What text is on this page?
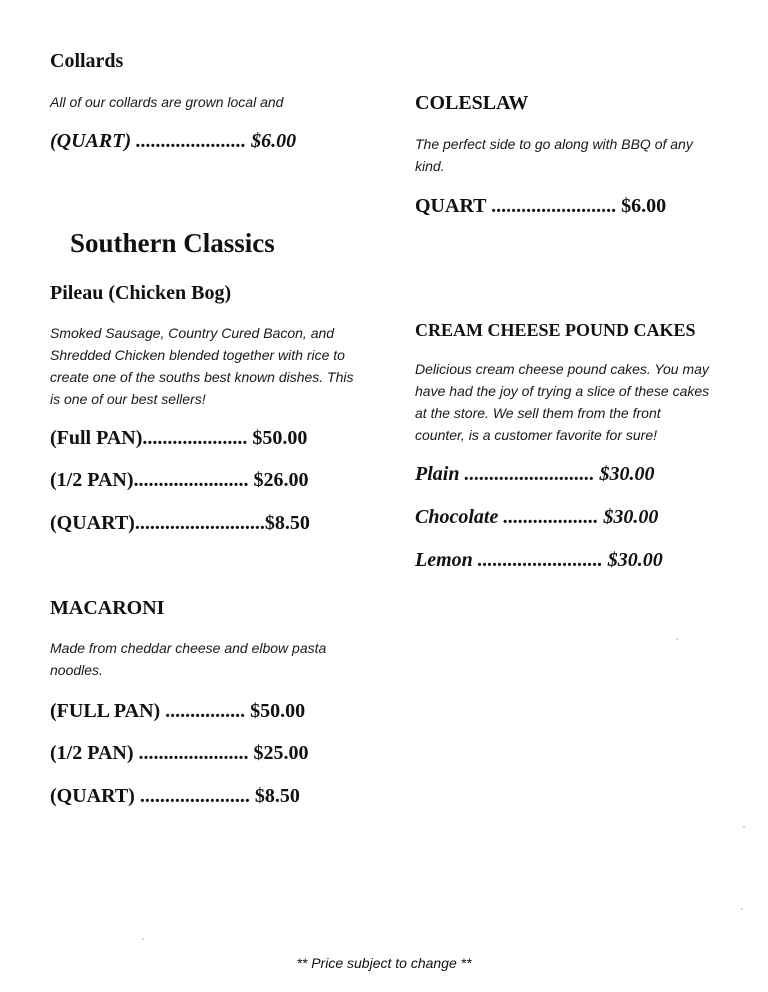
Collards
All of our collards are grown local and
(QUART) ...................... $6.00
Southern Classics
Pileau (Chicken Bog)
Smoked Sausage, Country Cured Bacon, and
Shredded Chicken blended together with rice to
create one of the souths best known dishes. This
is one of our best sellers!
(Full PAN)..................... $50.00
(1/2 PAN)....................... $26.00
(QUART)..........................$8.50
MACARONI
Made from cheddar cheese and elbow pasta
noodles.
(FULL PAN) ................ $50.00
(1/2 PAN) ...................... $25.00
(QUART) ...................... $8.50
COLESLAW
The perfect side to go along with BBQ of any
kind.
QUART ......................... $6.00
CREAM CHEESE POUND CAKES
Delicious cream cheese pound cakes. You may
have had the joy of trying a slice of these cakes
at the store. We sell them from the front
counter, is a customer favorite for sure!
Plain .......................... $30.00
Chocolate ................... $30.00
Lemon ......................... $30.00
** Price subject to change **
